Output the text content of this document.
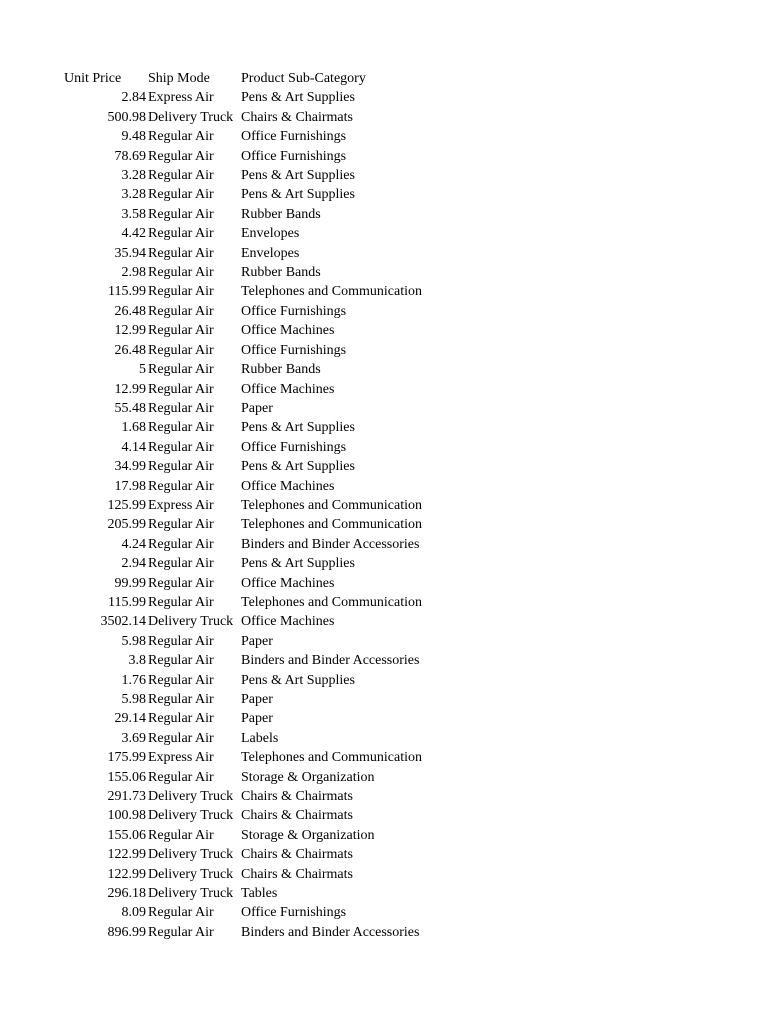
Unit Price	Ship Mode	Product Sub-Category
2.84	Express Air	Pens & Art Supplies
500.98	Delivery Truck	Chairs & Chairmats
9.48	Regular Air	Office Furnishings
78.69	Regular Air	Office Furnishings
3.28	Regular Air	Pens & Art Supplies
3.28	Regular Air	Pens & Art Supplies
3.58	Regular Air	Rubber Bands
4.42	Regular Air	Envelopes
35.94	Regular Air	Envelopes
2.98	Regular Air	Rubber Bands
115.99	Regular Air	Telephones and Communication
26.48	Regular Air	Office Furnishings
12.99	Regular Air	Office Machines
26.48	Regular Air	Office Furnishings
5	Regular Air	Rubber Bands
12.99	Regular Air	Office Machines
55.48	Regular Air	Paper
1.68	Regular Air	Pens & Art Supplies
4.14	Regular Air	Office Furnishings
34.99	Regular Air	Pens & Art Supplies
17.98	Regular Air	Office Machines
125.99	Express Air	Telephones and Communication
205.99	Regular Air	Telephones and Communication
4.24	Regular Air	Binders and Binder Accessories
2.94	Regular Air	Pens & Art Supplies
99.99	Regular Air	Office Machines
115.99	Regular Air	Telephones and Communication
3502.14	Delivery Truck	Office Machines
5.98	Regular Air	Paper
3.8	Regular Air	Binders and Binder Accessories
1.76	Regular Air	Pens & Art Supplies
5.98	Regular Air	Paper
29.14	Regular Air	Paper
3.69	Regular Air	Labels
175.99	Express Air	Telephones and Communication
155.06	Regular Air	Storage & Organization
291.73	Delivery Truck	Chairs & Chairmats
100.98	Delivery Truck	Chairs & Chairmats
155.06	Regular Air	Storage & Organization
122.99	Delivery Truck	Chairs & Chairmats
122.99	Delivery Truck	Chairs & Chairmats
296.18	Delivery Truck	Tables
8.09	Regular Air	Office Furnishings
896.99	Regular Air	Binders and Binder Accessories
